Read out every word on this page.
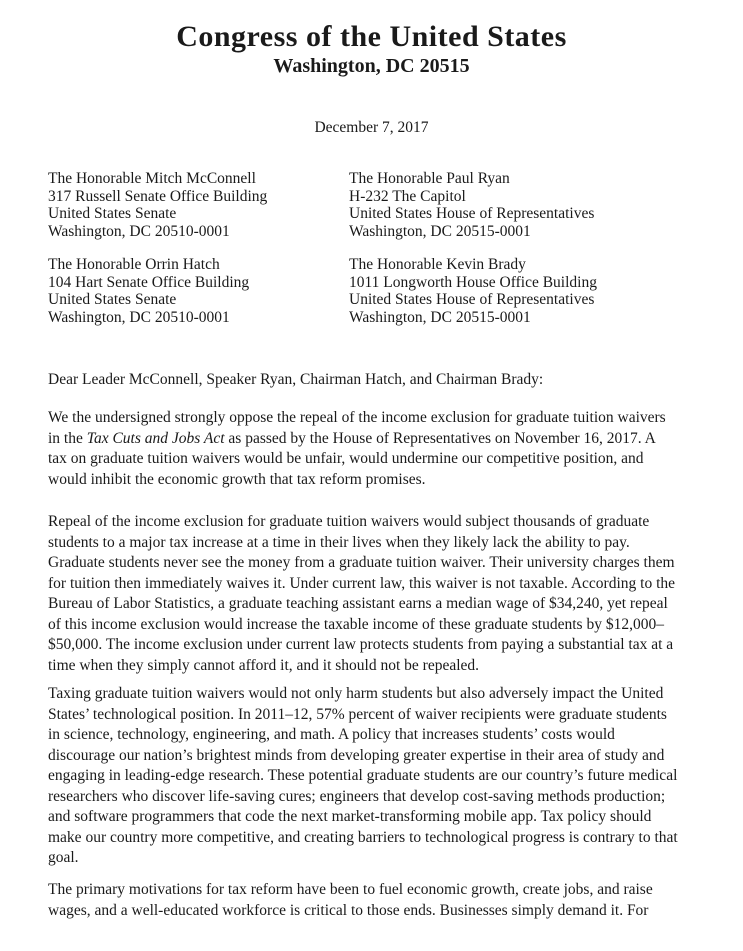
Congress of the United States
Washington, DC 20515
December 7, 2017
The Honorable Mitch McConnell
317 Russell Senate Office Building
United States Senate
Washington, DC 20510-0001
The Honorable Paul Ryan
H-232 The Capitol
United States House of Representatives
Washington, DC 20515-0001
The Honorable Orrin Hatch
104 Hart Senate Office Building
United States Senate
Washington, DC 20510-0001
The Honorable Kevin Brady
1011 Longworth House Office Building
United States House of Representatives
Washington, DC 20515-0001
Dear Leader McConnell, Speaker Ryan, Chairman Hatch, and Chairman Brady:
We the undersigned strongly oppose the repeal of the income exclusion for graduate tuition waivers
in the Tax Cuts and Jobs Act as passed by the House of Representatives on November 16, 2017. A
tax on graduate tuition waivers would be unfair, would undermine our competitive position, and
would inhibit the economic growth that tax reform promises.
Repeal of the income exclusion for graduate tuition waivers would subject thousands of graduate
students to a major tax increase at a time in their lives when they likely lack the ability to pay.
Graduate students never see the money from a graduate tuition waiver. Their university charges them
for tuition then immediately waives it. Under current law, this waiver is not taxable. According to the
Bureau of Labor Statistics, a graduate teaching assistant earns a median wage of $34,240, yet repeal
of this income exclusion would increase the taxable income of these graduate students by $12,000–
$50,000. The income exclusion under current law protects students from paying a substantial tax at a
time when they simply cannot afford it, and it should not be repealed.
Taxing graduate tuition waivers would not only harm students but also adversely impact the United
States’ technological position. In 2011–12, 57% percent of waiver recipients were graduate students
in science, technology, engineering, and math. A policy that increases students’ costs would
discourage our nation’s brightest minds from developing greater expertise in their area of study and
engaging in leading-edge research. These potential graduate students are our country’s future medical
researchers who discover life-saving cures; engineers that develop cost-saving methods production;
and software programmers that code the next market-transforming mobile app. Tax policy should
make our country more competitive, and creating barriers to technological progress is contrary to that
goal.
The primary motivations for tax reform have been to fuel economic growth, create jobs, and raise
wages, and a well-educated workforce is critical to those ends. Businesses simply demand it. For
